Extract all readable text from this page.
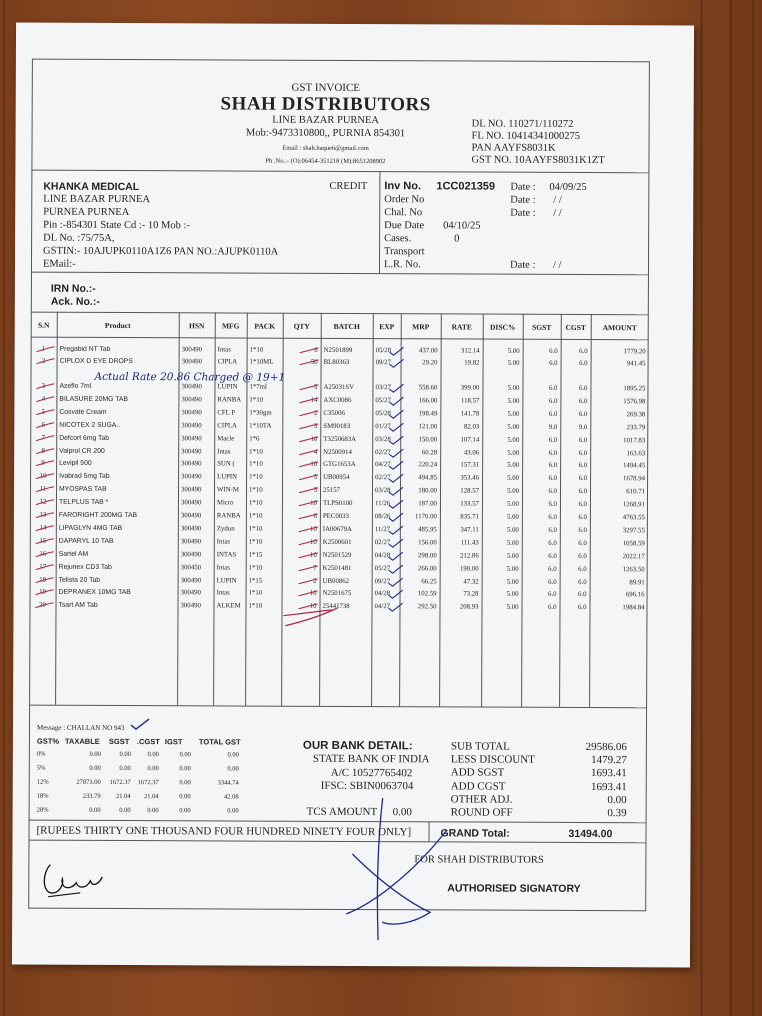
GST INVOICE
SHAH DISTRIBUTORS
LINE BAZAR PURNEA
Mob:-9473310800,, PURNIA 854301
Email : shah.haque6@gmail.com
Ph .No.:- (O):06454-351218 (M):8651208902
DL NO. 110271/110272
FL NO. 10414341000275
PAN AAYFS8031K
GST NO. 10AAYFS8031K1ZT
KHANKA MEDICAL	CREDIT
LINE BAZAR PURNEA
PURNEA PURNEA
Pin :-854301 State Cd :- 10 Mob :-
DL No. :75/75A,
GSTIN:- 10AJUPK0110A1Z6 PAN NO.:AJUPK0110A
EMail:-
Inv No. 1CC021359 Date : 04/09/25
Order No	Date : / /
Chal. No	Date : / /
Due Date 04/10/25
Cases.	0
Transport
L.R. No.	Date : / /
IRN No.:-
Ack. No.:-
S.N	Product	HSN	MFG	PACK	QTY	BATCH	EXP	MRP	RATE	DISC%	SGST	CGST	AMOUNT
1	Pregabid NT Tab	300490	Intas	1*10	6 N2501899	05/28	437.00	312.14	5.00	6.0	6.0	1779.20
2	CIPLOX D EYE DROPS	300490	CIPLA	1*10ML	50 BL80363	09/27	29.20	19.82	5.00	6.0	6.0	941.45
3	Azeflo 7ml	300490	LUPIN	1*7ml	5 A25031SV	03/27	558.60	399.00	5.00	6.0	6.0	1895.25
4	BILASURE 20MG TAB	300490	RANBA	1*10	14 AXC0086	05/27	166.00	118.57	5.00	6.0	6.0	1576.98
5	Cosvate Cream	300490	CFL P	1*30gm	2 C35006	05/28	198.49	141.78	5.00	6.0	6.0	269.38
6	NICOTEX 2 SUGA..	300490	CIPLA	1*10TA	3 SM90183	01/27	121.00	82.03	5.00	9.0	9.0	233.79
7	Defcort 6mg Tab	300490	Macle	1*6	10 T3250683A	03/28	150.00	107.14	5.00	6.0	6.0	1017.83
8	Valprol CR 200	300490	Intas	1*10	4 N2500914	02/27	60.28	43.06	5.00	6.0	6.0	163.63
9	Levipil 500	300490	SUN (	1*10	10 GTG1653A	04/27	220.24	157.31	5.00	6.0	6.0	1494.45
10	Ivabrad 5mg Tab	300490	LUPIN	1*10	5 UB00954	02/27	494.85	353.46	5.00	6.0	6.0	1678.94
11	MYOSPAS TAB	300490	WIN-M	1*10	5 25157	03/28	180.00	128.57	5.00	6.0	6.0	610.71
12	TELPLUS TAB *	300490	Micro	1*10	10 TLPS0100	11/26	187.00	133.57	5.00	6.0	6.0	1268.91
13	FARORIGHT 200MG TAB	300490	RANBA	1*10	6 PEC0033	08/26	1170.00	835.71	5.00	6.0	6.0	4763.55
14	LIPAGLYN 4MG TAB	300490	Zydun	1*10	10 IA00679A	11/27	485.95	347.11	5.00	6.0	6.0	3297.55
15	DAPARYL 10 TAB	300490	Intas	1*10	10 K2500601	02/27	156.00	111.43	5.00	6.0	6.0	1058.59
16	Sartel AM	300490	INTAS	1*15	10 N2501529	04/28	298.00	212.86	5.00	6.0	6.0	2022.17
17	Rejunex CD3 Tab	300450	Intas	1*10	7 K2501481	05/27	266.00	190.00	5.00	6.0	6.0	1263.50
18	Telista 20 Tab	300490	LUPIN	1*15	2 UB00862	09/27	66.25	47.32	5.00	6.0	6.0	89.91
19	DEPRANEX 10MG TAB	300490	Intas	1*10	10 N2501675	04/28	102.59	73.28	5.00	6.0	6.0	696.16
20	Tsart AM Tab	300490	ALKEM 1*10	10 25441738	04/27	292.50	208.93	5.00	6.0	6.0	1984.84
Actual Rate 20.86 Charged @ 19+1
Message : CHALLAN NO 943
GST% TAXABLE SGST .CGST IGST TOTAL GST
0%	0.00	0.00	0.00	0.00	0.00
5%	0.00	0.00	0.00	0.00	0.00
12%	27873.00	1672.37	1672.37	0.00	3344.74
18%	233.79	21.04	21.04	0.00	42.08
28%	0.00	0.00	0.00	0.00	0.00
OUR BANK DETAIL:
STATE BANK OF INDIA
A/C 10527765402
IFSC: SBIN0063704
TCS AMOUNT 0.00
SUB TOTAL	29586.06
LESS DISCOUNT	1479.27
ADD SGST	1693.41
ADD CGST	1693.41
OTHER ADJ.	0.00
ROUND OFF	0.39
[RUPEES THIRTY ONE THOUSAND FOUR HUNDRED NINETY FOUR ONLY]	GRAND Total:	31494.00
FOR SHAH DISTRIBUTORS
AUTHORISED SIGNATORY
